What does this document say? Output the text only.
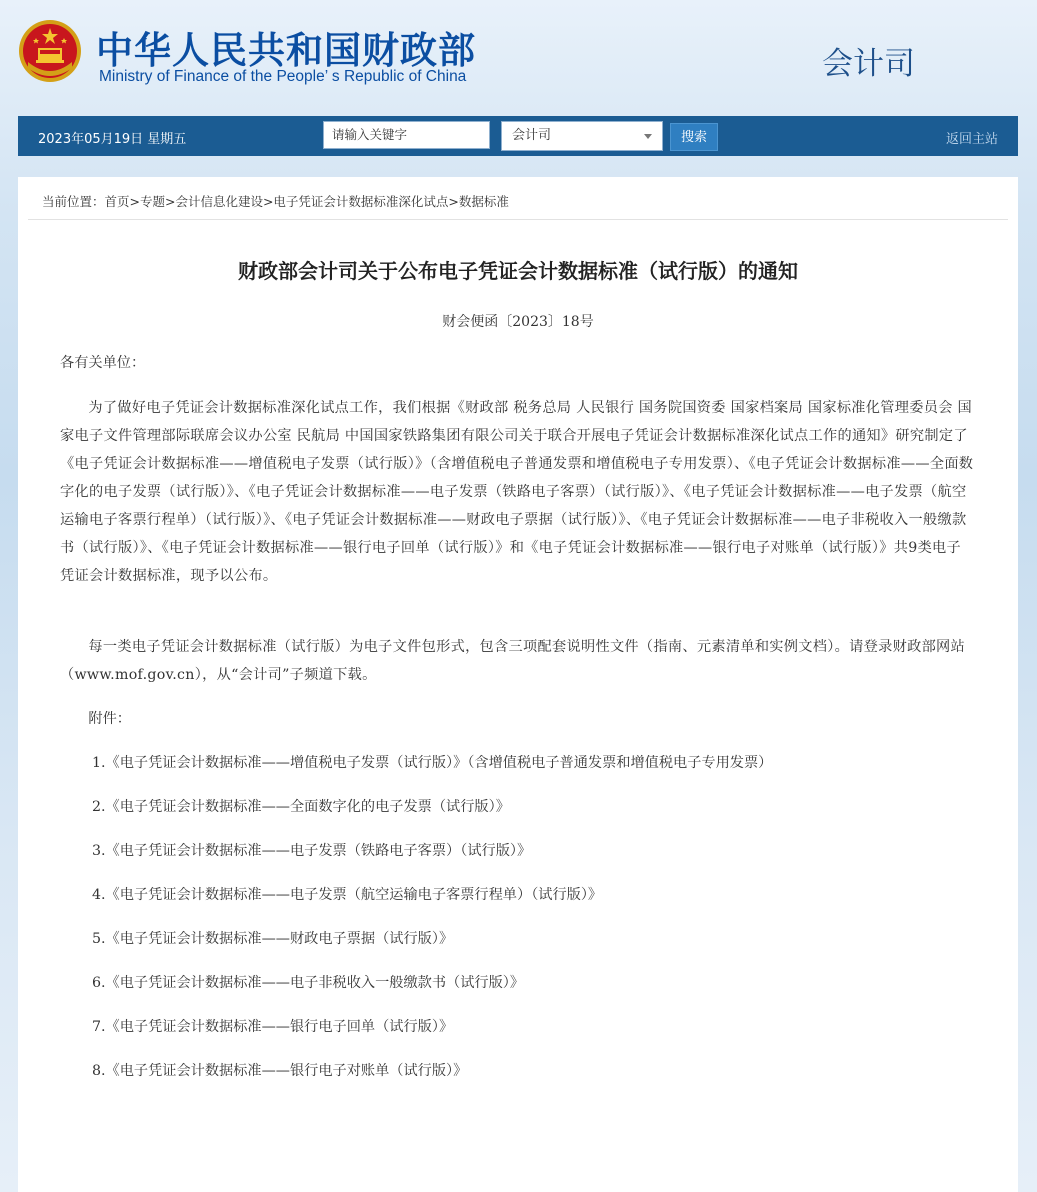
中华人民共和国财政部
Ministry of Finance of the People’ s Republic of China	会计司
2023年05月19日 星期五	请输入关键字	会计司	搜索	返回主站
当前位置：首页>专题>会计信息化建设>电子凭证会计数据标准深化试点>数据标准
财政部会计司关于公布电子凭证会计数据标准（试行版）的通知
财会便函〔2023〕18号
各有关单位：
为了做好电子凭证会计数据标准深化试点工作，我们根据《财政部 税务总局 人民银行 国务院国资委 国家档案局 国家标准化管理委员会 国家电子文件管理部际联席会议办公室 民航局 中国国家铁路集团有限公司关于联合开展电子凭证会计数据标准深化试点工作的通知》研究制定了《电子凭证会计数据标准——增值税电子发票（试行版）》（含增值税电子普通发票和增值税电子专用发票）、《电子凭证会计数据标准——全面数字化的电子发票（试行版）》、《电子凭证会计数据标准——电子发票（铁路电子客票）（试行版）》、《电子凭证会计数据标准——电子发票（航空运输电子客票行程单）（试行版）》、《电子凭证会计数据标准——财政电子票据（试行版）》、《电子凭证会计数据标准——电子非税收入一般缴款书（试行版）》、《电子凭证会计数据标准——银行电子回单（试行版）》和《电子凭证会计数据标准——银行电子对账单（试行版）》共9类电子凭证会计数据标准，现予以公布。
每一类电子凭证会计数据标准（试行版）为电子文件包形式，包含三项配套说明性文件（指南、元素清单和实例文档）。请登录财政部网站（www.mof.gov.cn），从“会计司”子频道下载。
附件：
1.《电子凭证会计数据标准——增值税电子发票（试行版）》（含增值税电子普通发票和增值税电子专用发票）
2.《电子凭证会计数据标准——全面数字化的电子发票（试行版）》
3.《电子凭证会计数据标准——电子发票（铁路电子客票）（试行版）》
4.《电子凭证会计数据标准——电子发票（航空运输电子客票行程单）（试行版）》
5.《电子凭证会计数据标准——财政电子票据（试行版）》
6.《电子凭证会计数据标准——电子非税收入一般缴款书（试行版）》
7.《电子凭证会计数据标准——银行电子回单（试行版）》
8.《电子凭证会计数据标准——银行电子对账单（试行版）》
